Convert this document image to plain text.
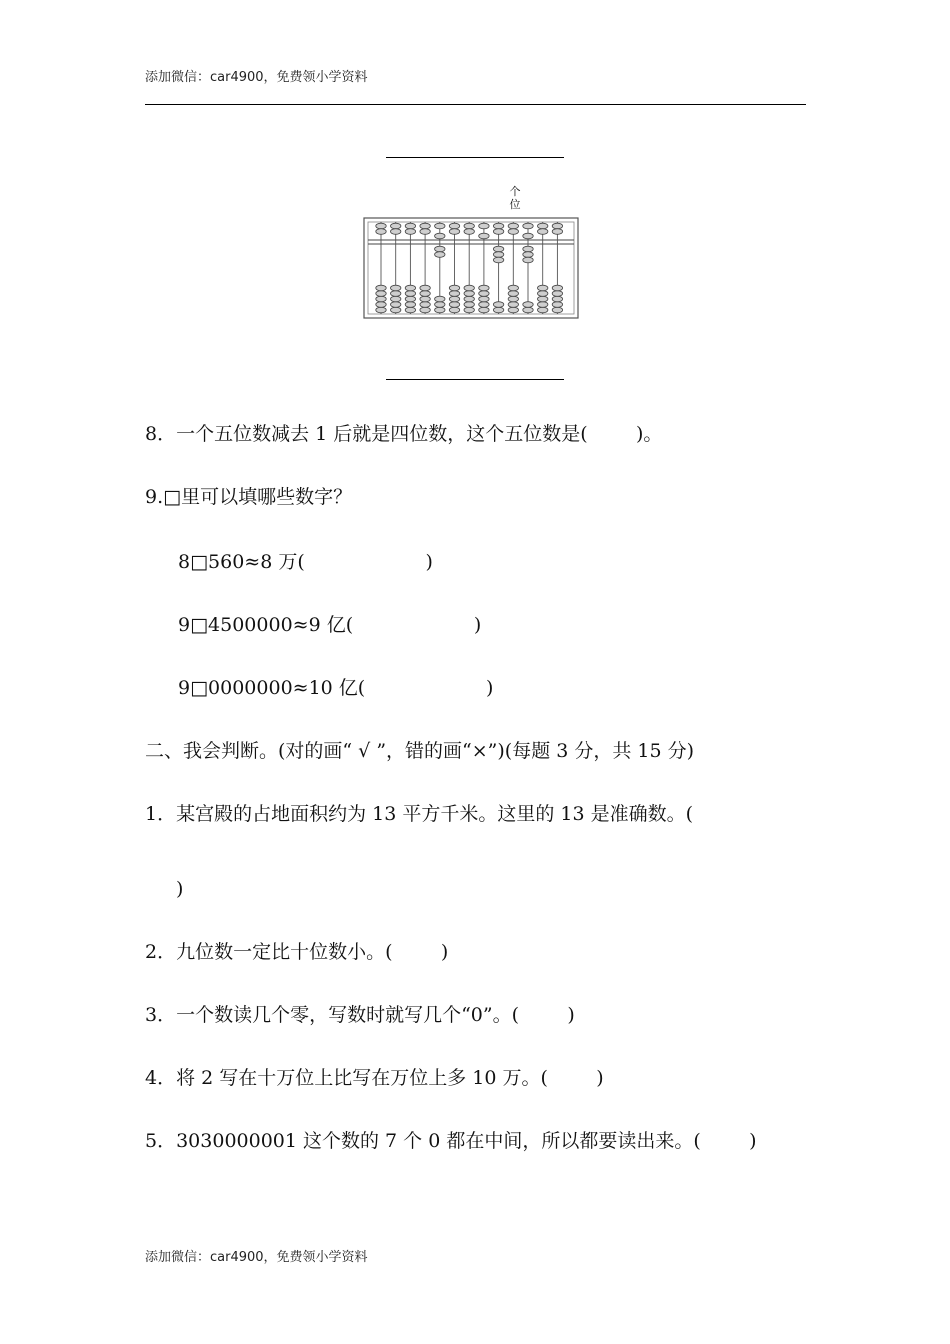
添加微信：car4900，免费领小学资料
个
位
8．一个五位数减去 1 后就是四位数，这个五位数是(        )。
9.□里可以填哪些数字？
8□560≈8 万(                    )
9□4500000≈9 亿(                    )
9□0000000≈10 亿(                    )
二、我会判断。(对的画“ √ ”，错的画“×”)(每题 3 分，共 15 分)
1．某宫殿的占地面积约为 13 平方千米。这里的 13 是准确数。(
)
2．九位数一定比十位数小。(        )
3．一个数读几个零，写数时就写几个“0”。(        )
4．将 2 写在十万位上比写在万位上多 10 万。(        )
5．3030000001 这个数的 7 个 0 都在中间，所以都要读出来。(        )
添加微信：car4900，免费领小学资料
